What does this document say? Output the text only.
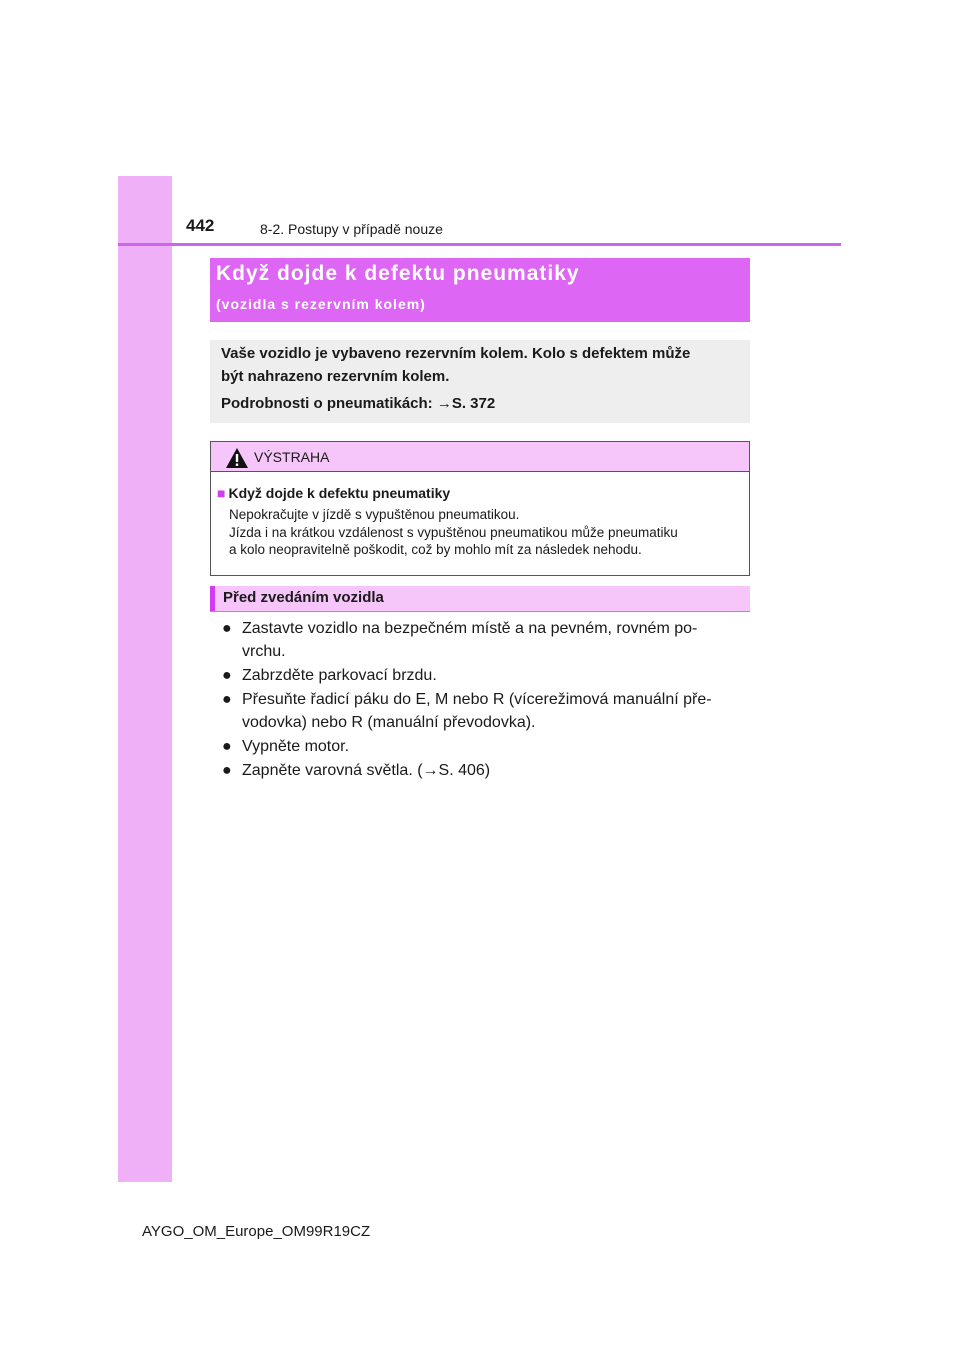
442	8-2. Postupy v případě nouze
Když dojde k defektu pneumatiky
(vozidla s rezervním kolem)
Vaše vozidlo je vybaveno rezervním kolem. Kolo s defektem může
být nahrazeno rezervním kolem.
Podrobnosti o pneumatikách: →S. 372
VÝSTRAHA
■ Když dojde k defektu pneumatiky
Nepokračujte v jízdě s vypuštěnou pneumatikou.
Jízda i na krátkou vzdálenost s vypuštěnou pneumatikou může pneumatiku
a kolo neopravitelně poškodit, což by mohlo mít za následek nehodu.
Před zvedáním vozidla
● Zastavte vozidlo na bezpečném místě a na pevném, rovném po-
vrchu.
● Zabrzděte parkovací brzdu.
● Přesuňte řadicí páku do E, M nebo R (vícerežimová manuální pře-
vodovka) nebo R (manuální převodovka).
● Vypněte motor.
● Zapněte varovná světla. (→S. 406)
AYGO_OM_Europe_OM99R19CZ
